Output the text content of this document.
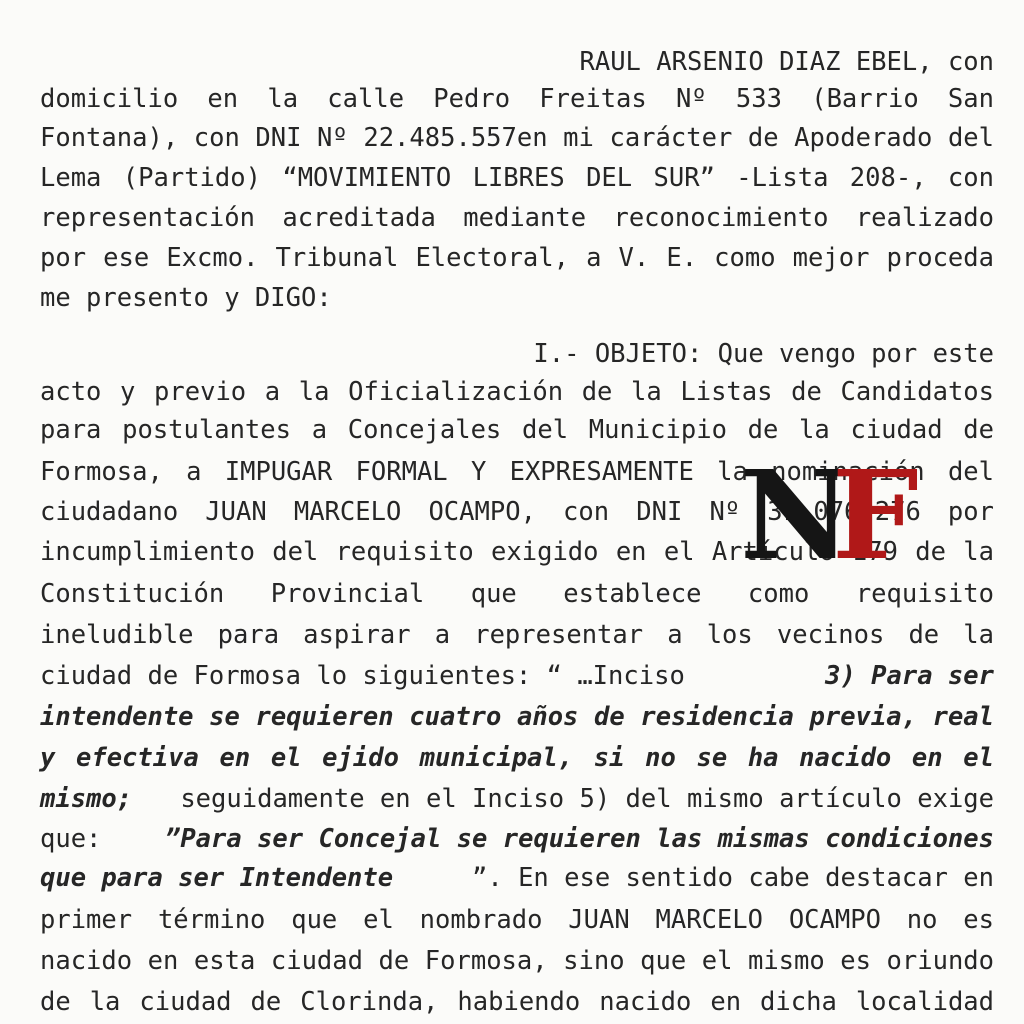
RAUL ARSENIO DIAZ EBEL, con
domicilio en la calle Pedro Freitas Nº 533 (Barrio San
Fontana), con DNI Nº 22.485.557en mi carácter de Apoderado del
Lema (Partido) “MOVIMIENTO LIBRES DEL SUR” -Lista 208-, con
representación acreditada mediante reconocimiento realizado
por ese Excmo. Tribunal Electoral, a V. E. como mejor proceda
me presento y DIGO:
I.- OBJETO: Que vengo por este
acto y previo a la Oficialización de la Listas de Candidatos
para postulantes a Concejales del Municipio de la ciudad de
Formosa, a IMPUGAR FORMAL Y EXPRESAMENTE la nominación del
ciudadano JUAN MARCELO OCAMPO, con DNI Nº 31.076.276 por
incumplimiento del requisito exigido en el Artículo 179 de la
Constitución Provincial que establece como requisito
ineludible para aspirar a representar a los vecinos de la
ciudad de Formosa lo siguientes: “ …Inciso	3) Para ser
intendente se requieren cuatro años de residencia previa, real
y efectiva en el ejido municipal, si no se ha nacido en el
mismo; seguidamente en el Inciso 5) del mismo artículo exige
que: ”Para ser Concejal se requieren las mismas condiciones
que para ser Intendente	”. En ese sentido cabe destacar en
primer término que el nombrado JUAN MARCELO OCAMPO no es
nacido en esta ciudad de Formosa, sino que el mismo es oriundo
de la ciudad de Clorinda, habiendo nacido en dicha localidad
N
F
